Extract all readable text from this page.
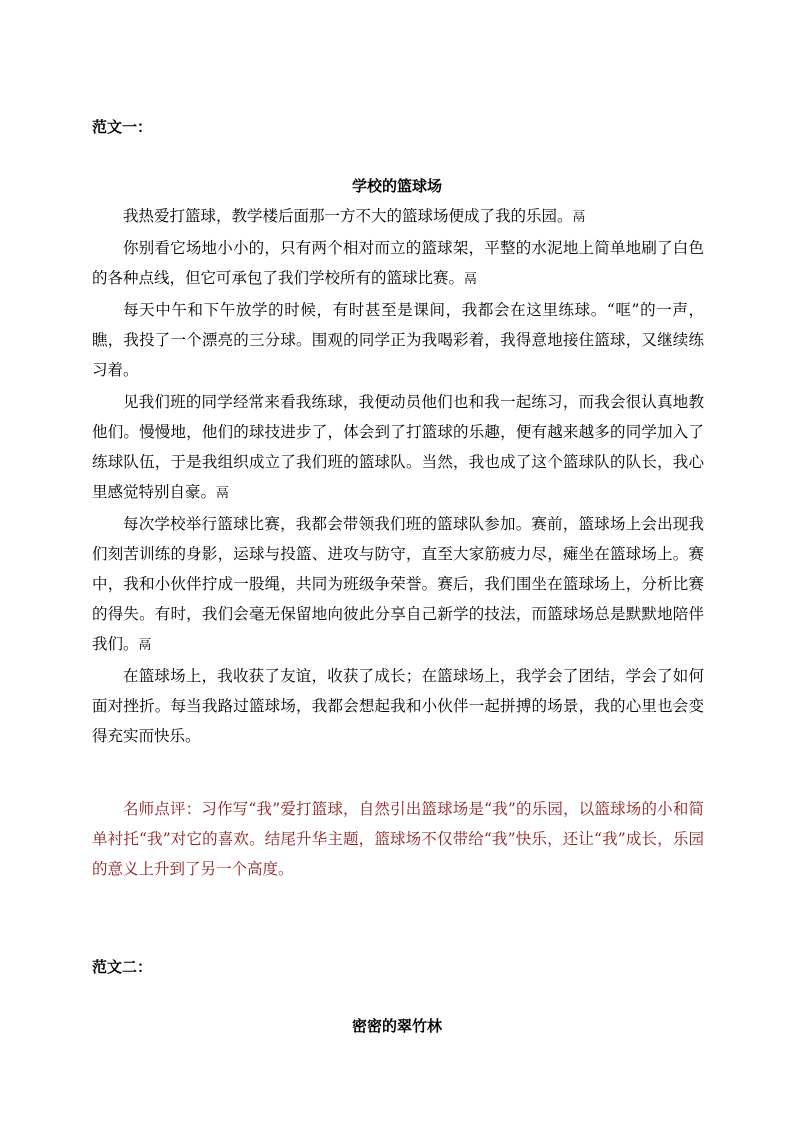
范文一：
学校的篮球场

我热爱打篮球，教学楼后面那一方不大的篮球场便成了我的乐园。鬲

你别看它场地小小的，只有两个相对而立的篮球架，平整的水泥地上简单地刷了白色的各种点线，但它可承包了我们学校所有的篮球比赛。鬲

每天中午和下午放学的时候，有时甚至是课间，我都会在这里练球。“哐”的一声，瞧，我投了一个漂亮的三分球。围观的同学正为我喝彩着，我得意地接住篮球，又继续练习着。

见我们班的同学经常来看我练球，我便动员他们也和我一起练习，而我会很认真地教他们。慢慢地，他们的球技进步了，体会到了打篮球的乐趣，便有越来越多的同学加入了练球队伍，于是我组织成立了我们班的篮球队。当然，我也成了这个篮球队的队长，我心里感觉特别自豪。鬲

每次学校举行篮球比赛，我都会带领我们班的篮球队参加。赛前，篮球场上会出现我们刻苦训练的身影，运球与投篮、进攻与防守，直至大家筋疲力尽，瘫坐在篮球场上。赛中，我和小伙伴拧成一股绳，共同为班级争荣誉。赛后，我们围坐在篮球场上，分析比赛的得失。有时，我们会毫无保留地向彼此分享自己新学的技法，而篮球场总是默默地陪伴我们。鬲

在篮球场上，我收获了友谊，收获了成长；在篮球场上，我学会了团结，学会了如何面对挫折。每当我路过篮球场，我都会想起我和小伙伴一起拼搏的场景，我的心里也会变得充实而快乐。

名师点评：习作写“我”爱打篮球，自然引出篮球场是“我”的乐园，以篮球场的小和简单衬托“我”对它的喜欢。结尾升华主题，篮球场不仅带给“我”快乐，还让“我”成长，乐园的意义上升到了另一个高度。

范文二：
密密的翠竹林
